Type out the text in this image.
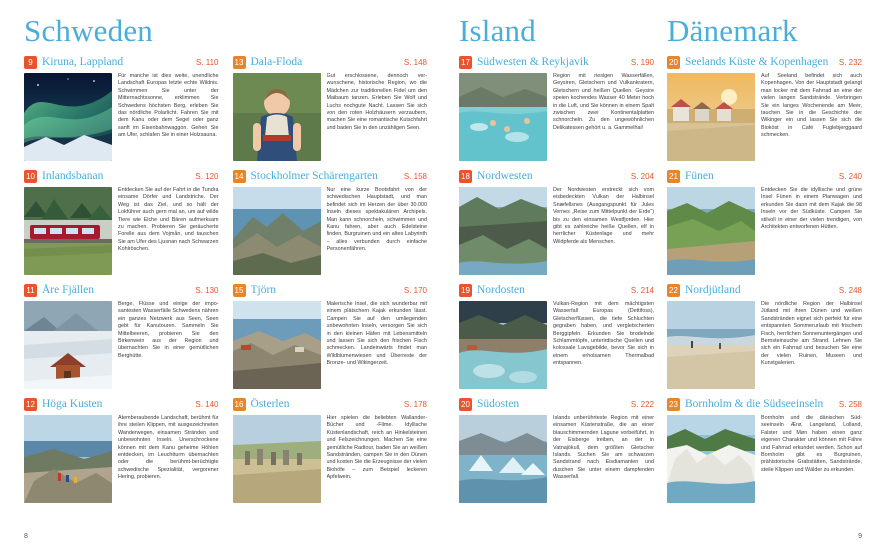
Schweden
9 Kiruna, Lappland	S. 110
Für manche ist dies weite, unendliche Landschaft Europas letzte echte Wildnis. Schwimmen Sie unter der Mitternachtssonne, erklimmen Sie Schwedens höchsten Berg, erleben Sie das nördliche Polarlicht. Fahren Sie mit dem Kanu oder dem Segel oder ganz sanft im Eisenbahnwaggon. Gehen Sie am Ufer, schlafen Sie in einer Holzsauna.
10 Inlandsbanan	S. 120
Entdecken Sie auf der Fahrt in die Tundra einsame Dörfer und Landstriche. Der Weg ist das Ziel, und so hält der Lokführer auch gern mal an, um auf wilde Tiere wie Elche und Bären aufmerksam zu machen. Probieren Sie geräucherte Forelle aus dem Vojmån, und tauschen Sie am Ufer des Ljusnan nach Schwarzen Kohlröschen.
11 Åre Fjällen	S. 130
Berge, Flüsse und einige der imposantesten Wasserfälle Schwedens nähren ein ganzes Netzwerk aus Seen, Seen gebt für Kanutouren. Sammeln Sie Mittelbeeren, probieren Sie den Birkenwein aus der Region und übernachten Sie in einer gemütlichen Berghütte.
12 Höga Kusten	S. 140
Atemberaubende Landschaft, berühmt für ihre steilen Klippen, mit ausgezeichneten Wanderwegen, einsamen Stränden und unbewohnten Inseln. Unerschrockene können mit dem Kanu geheime Höhlen entdecken, im Leuchtturm übernachten oder die berühmt-berüchtigte schwedische Spezialität, vergorener Hering, probieren.
13 Dala-Floda	S. 148
Gut erschlossene, dennoch verwunschene, historische Region, wo die Mädchen zur traditionellen Fidel um den Maibaum tanzen. Erleben Sie Wolf und Luchs nochgute Nacht. Lassen Sie sich von den roten Holzhäusern verzaubern, machen Sie eine romantische Kutschfahrt und baden Sie in den unzähligen Seen.
14 Stockholmer Schärengarten	S. 158
Nur eine kurze Bootsfahrt von der schwedischen Hauptstadt, und man befindet sich im Herzen der über 30.000 Inseln dieses spektakulären Archipels. Man kann schnorcheln, schwimmen und Kanu fahren, aber auch Edelsteine finden, Burgruinen und ein altes Labyrinth – alles verbunden durch einfache Personenfähren.
15 Tjörn	S. 170
Malerische Insel, die sich wunderbar mit einem plätschern Kajak erkunden lässt. Campen Sie auf den umliegenden unbewohnten Inseln, versorgen Sie sich in den kleinen Häfen mit Lebensmitteln und lassen Sie sich den frischen Fisch schmecken. Landeinwärts findet man Wildblumenwiesen und Überreste der Bronze- und Wikingerzeit.
16 Österlen	S. 178
Hier spielen die beliebten Wallander-Bücher und -Filme. Idyllische Küstenlandschaft, reich an Hinkelsteinen und Felszeichnungen. Machen Sie eine gemütliche Radtour, baden Sie an weißen Sandstränden, campen Sie in den Dünen und kosten Sie die Erzeugnisse der vielen Biohöfe – zum Beispiel leckeren Apfelwein.
8
Island
17 Südwesten & Reykjavik	S. 190
Region mit riesigen Wasserfällen, Geysiren, Gletschern und Vulkankratern, Gletschern und heißen Quellen. Geysire speien kochendes Wasser 40 Meter hoch in die Luft, und Sie können in einem Spalt zwischen zwei Kontinentalplatten schnorcheln. Zu den ungewöhnlichen Delikatessen gehört u. a. Gammelhai!
18 Nordwesten	S. 204
Der Nordwesten erstreckt sich vom eisbedeckten Vulkan der Halbinsel Snæfellsnes (Ausgangspunkt für Jules Vernes „Reise zum Mittelpunkt der Erde“) bis zu den einsamen Westfjorden. Hier gibt es zahlreiche heiße Quellen, elf in herrlicher Küstenlage und mehr Wildpferde als Menschen.
19 Nordosten	S. 214
Vulkan-Region mit dem mächtigsten Wasserfall Europas (Dettifoss), Gletscherflüssen, die tiefe Schluchten gegraben haben, und vergletscherten Berggipfeln. Erkunden Sie brodelnde Schlammtöpfe, unterirdische Quellen und kolossale Lavagebilde, bevor Sie sich in einem erholsamen Thermalbad entspannen.
20 Südosten	S. 222
Islands unberührteste Region mit einer einsamen Küstenstraße, die an einer blauschimmernden Lagune vorbeiführt, in der Eisberge treiben, an der in Vatnajökull, dem größten Gletscher Islands. Suchen Sie am schwarzen Sandstrand nach Eisdiamanten und duschen Sie unter einem dampfenden Wasserfall.
Dänemark
20 Seelands Küste & Kopenhagen	S. 232
Auf Seeland befindet sich auch Kopenhagen. Von der Hauptstadt gelangt man locker mit dem Fahrrad an eine der vielen langen Sandstrände. Verbringen Sie ein langes Wochenende am Meer, tauchen Sie in die Geschichte der Wikinger ein und lassen Sie sich die Bioköst in Café Fuglebjerggaard schmecken.
21 Fünen	S. 240
Entdecken Sie die idyllische und grüne Insel Fünen in einem Planwagen und erkunden Sie dann mit dem Kajak die 98 Inseln vor der Südküste. Campen Sie stilvoll in einer der vielen trendigen, von Architekten entworfenen Hütten.
22 Nordjütland	S. 248
Die nördliche Region der Halbinsel Jütland mit ihren Dünen und weißen Sandstränden eignet sich perfekt für eine entspannten Sommerurlaub mit frischem Fisch, herrlichen Sonnenuntergängen und Bernsteinsuche am Strand. Lehnen Sie sich ein Fahrrad und besuchen Sie eine der vielen Ruinen, Museen und Kunstgalerien.
23 Bornholm & die Südseeinseln	S. 258
Bornholm und die dänischen Südseeinseln Ærø, Langeland, Lolland, Falster und Møn haben einen ganz eigenen Charakter und können mit Fähre und Fahrrad erkundet werden. Schon auf Bornholm gibt es Burgruinen, prähistorische Grabstätten, Sandstrände, steile Klippen und Wälder zu erkunden.
9
